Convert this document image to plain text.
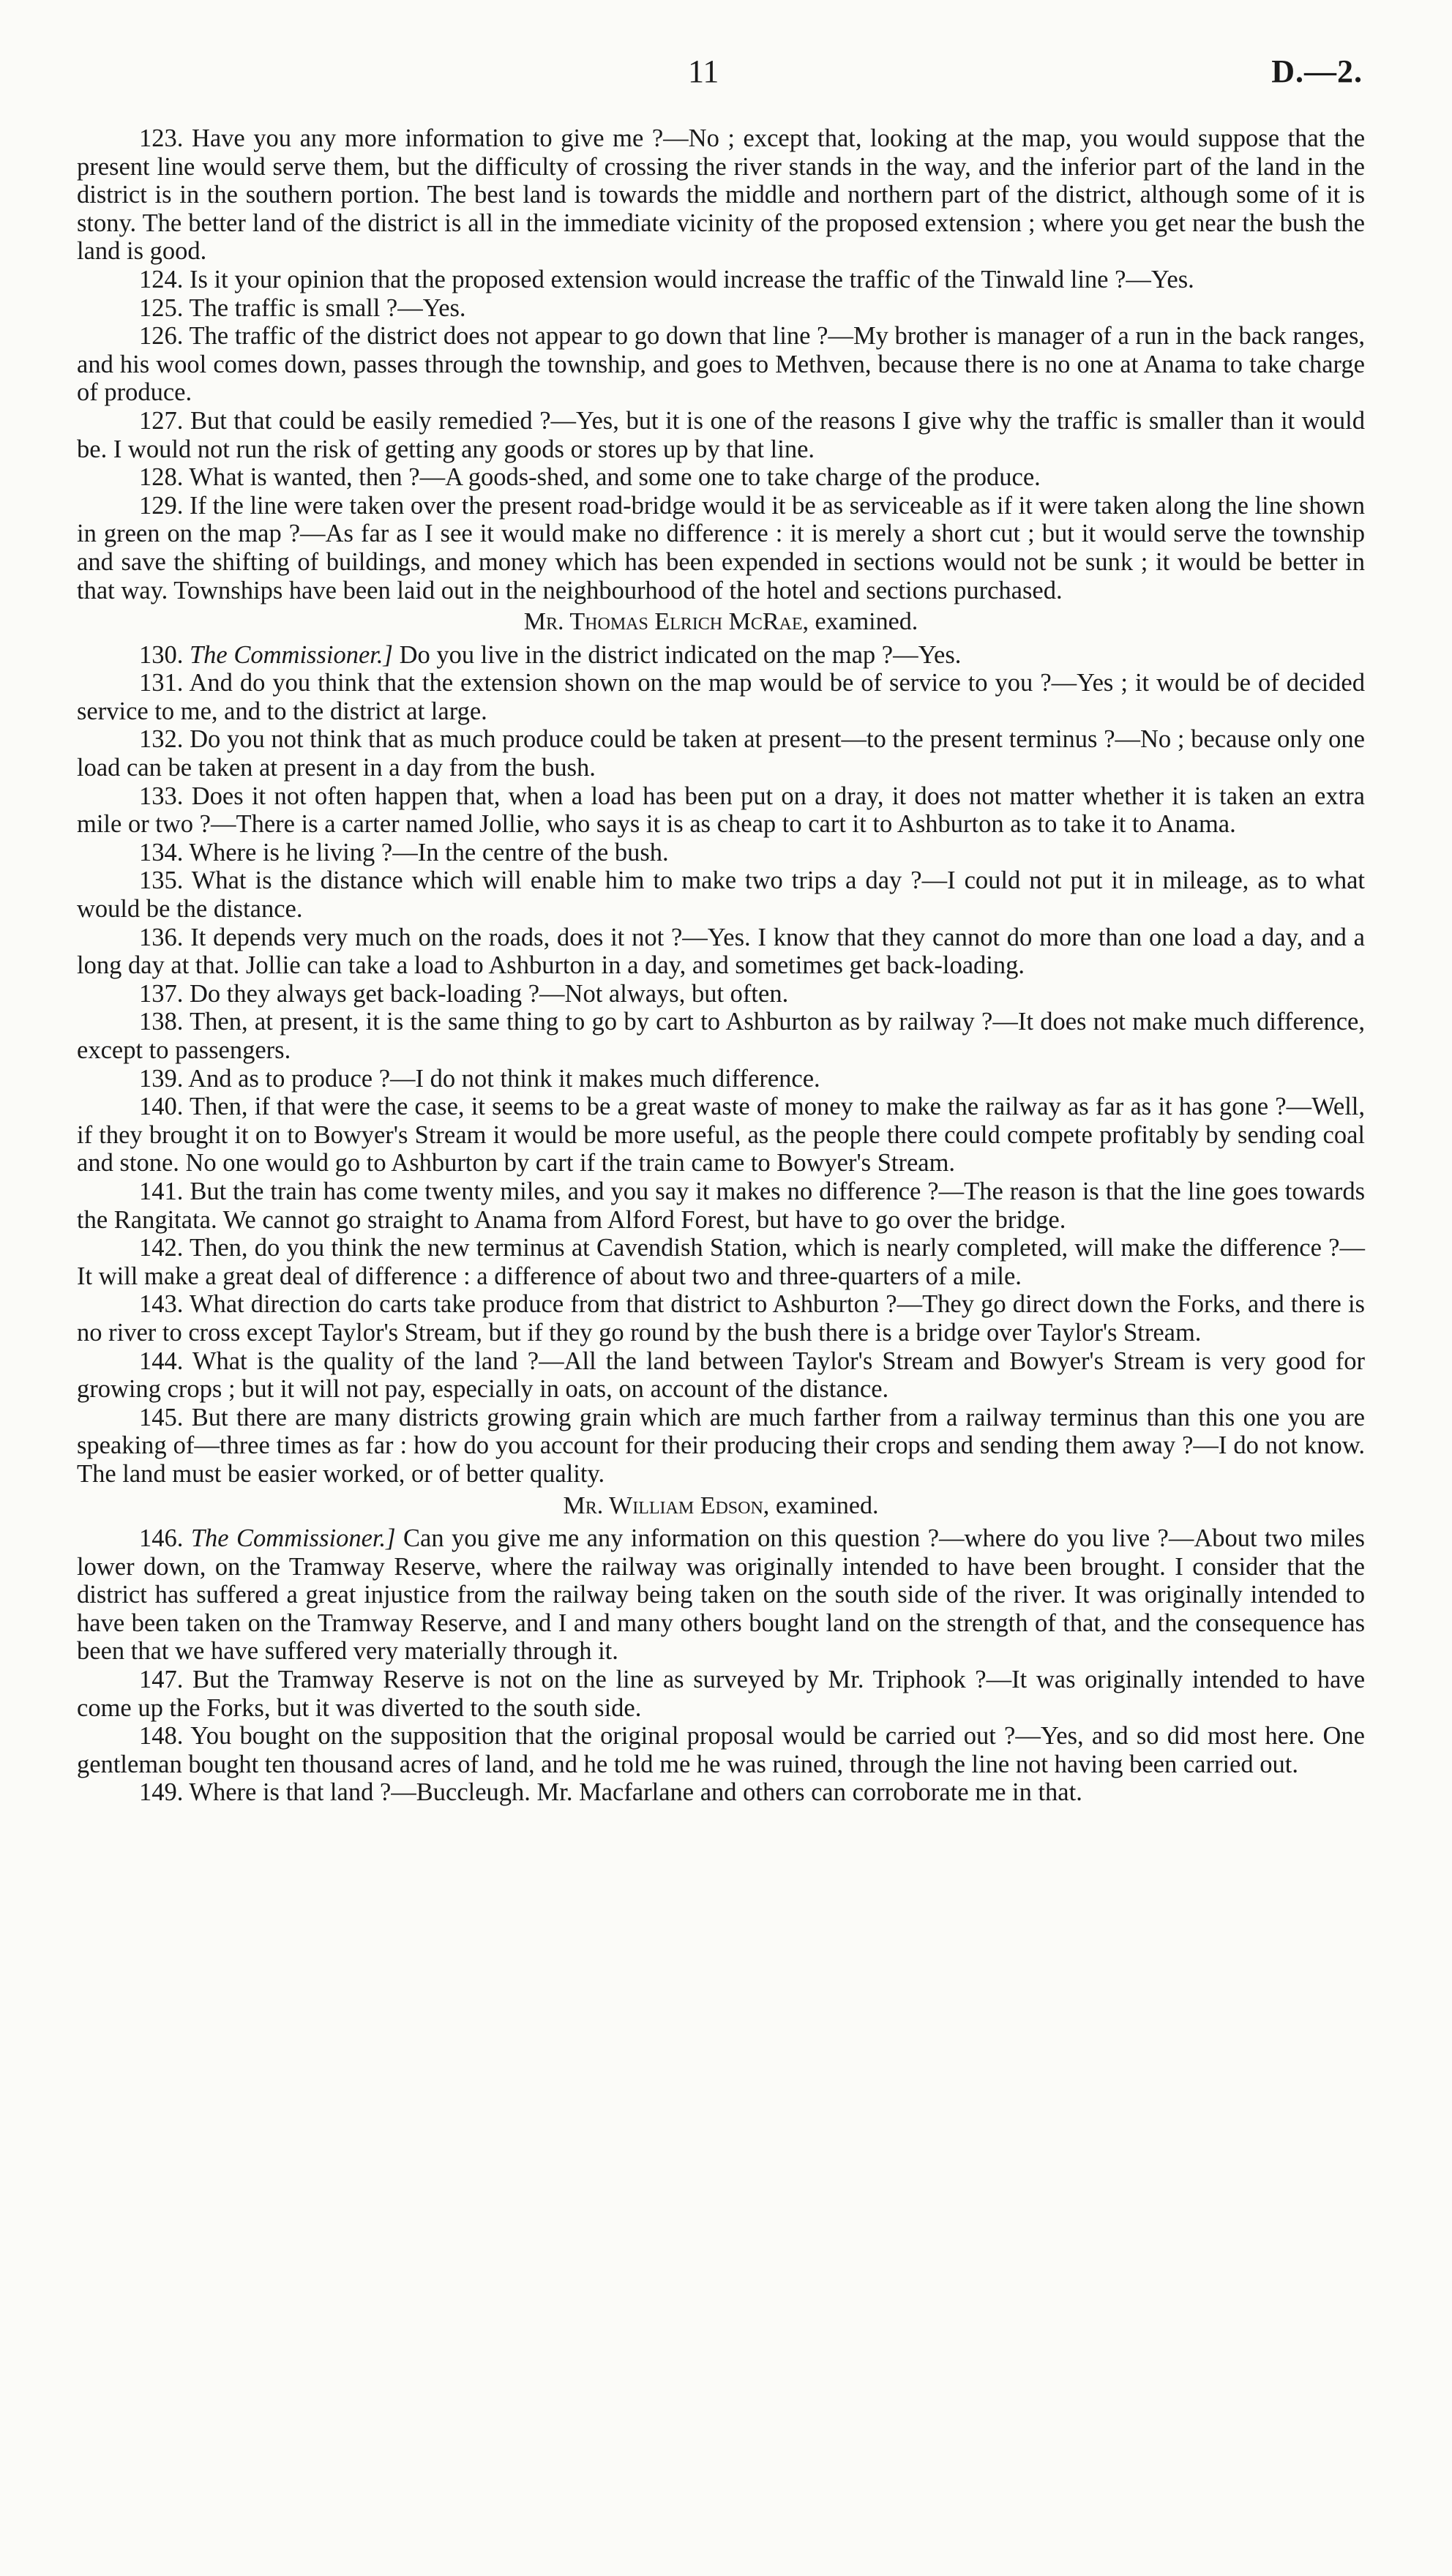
11	D.—2.

123. Have you any more information to give me ?—No ; except that, looking at the map, you would suppose that the present line would serve them, but the difficulty of crossing the river stands in the way, and the inferior part of the land in the district is in the southern portion. The best land is towards the middle and northern part of the district, although some of it is stony. The better land of the district is all in the immediate vicinity of the proposed extension ; where you get near the bush the land is good.

124. Is it your opinion that the proposed extension would increase the traffic of the Tinwald line ?—Yes.

125. The traffic is small ?—Yes.

126. The traffic of the district does not appear to go down that line ?—My brother is manager of a run in the back ranges, and his wool comes down, passes through the township, and goes to Methven, because there is no one at Anama to take charge of produce.

127. But that could be easily remedied ?—Yes, but it is one of the reasons I give why the traffic is smaller than it would be. I would not run the risk of getting any goods or stores up by that line.

128. What is wanted, then ?—A goods-shed, and some one to take charge of the produce.

129. If the line were taken over the present road-bridge would it be as serviceable as if it were taken along the line shown in green on the map ?—As far as I see it would make no difference : it is merely a short cut ; but it would serve the township and save the shifting of buildings, and money which has been expended in sections would not be sunk ; it would be better in that way. Townships have been laid out in the neighbourhood of the hotel and sections purchased.

Mr. Thomas Elrich McRae, examined.

130. The Commissioner.] Do you live in the district indicated on the map ?—Yes.

131. And do you think that the extension shown on the map would be of service to you ?—Yes ; it would be of decided service to me, and to the district at large.

132. Do you not think that as much produce could be taken at present—to the present terminus ?—No ; because only one load can be taken at present in a day from the bush.

133. Does it not often happen that, when a load has been put on a dray, it does not matter whether it is taken an extra mile or two ?—There is a carter named Jollie, who says it is as cheap to cart it to Ashburton as to take it to Anama.

134. Where is he living ?—In the centre of the bush.

135. What is the distance which will enable him to make two trips a day ?—I could not put it in mileage, as to what would be the distance.

136. It depends very much on the roads, does it not ?—Yes. I know that they cannot do more than one load a day, and a long day at that. Jollie can take a load to Ashburton in a day, and sometimes get back-loading.

137. Do they always get back-loading ?—Not always, but often.

138. Then, at present, it is the same thing to go by cart to Ashburton as by railway ?—It does not make much difference, except to passengers.

139. And as to produce ?—I do not think it makes much difference.

140. Then, if that were the case, it seems to be a great waste of money to make the railway as far as it has gone ?—Well, if they brought it on to Bowyer's Stream it would be more useful, as the people there could compete profitably by sending coal and stone. No one would go to Ashburton by cart if the train came to Bowyer's Stream.

141. But the train has come twenty miles, and you say it makes no difference ?—The reason is that the line goes towards the Rangitata. We cannot go straight to Anama from Alford Forest, but have to go over the bridge.

142. Then, do you think the new terminus at Cavendish Station, which is nearly completed, will make the difference ?—It will make a great deal of difference : a difference of about two and three-quarters of a mile.

143. What direction do carts take produce from that district to Ashburton ?—They go direct down the Forks, and there is no river to cross except Taylor's Stream, but if they go round by the bush there is a bridge over Taylor's Stream.

144. What is the quality of the land ?—All the land between Taylor's Stream and Bowyer's Stream is very good for growing crops ; but it will not pay, especially in oats, on account of the distance.

145. But there are many districts growing grain which are much farther from a railway terminus than this one you are speaking of—three times as far : how do you account for their producing their crops and sending them away ?—I do not know. The land must be easier worked, or of better quality.

Mr. William Edson, examined.

146. The Commissioner.] Can you give me any information on this question ?—where do you live ?—About two miles lower down, on the Tramway Reserve, where the railway was originally intended to have been brought. I consider that the district has suffered a great injustice from the railway being taken on the south side of the river. It was originally intended to have been taken on the Tramway Reserve, and I and many others bought land on the strength of that, and the consequence has been that we have suffered very materially through it.

147. But the Tramway Reserve is not on the line as surveyed by Mr. Triphook ?—It was originally intended to have come up the Forks, but it was diverted to the south side.

148. You bought on the supposition that the original proposal would be carried out ?—Yes, and so did most here. One gentleman bought ten thousand acres of land, and he told me he was ruined, through the line not having been carried out.

149. Where is that land ?—Buccleugh. Mr. Macfarlane and others can corroborate me in that.
